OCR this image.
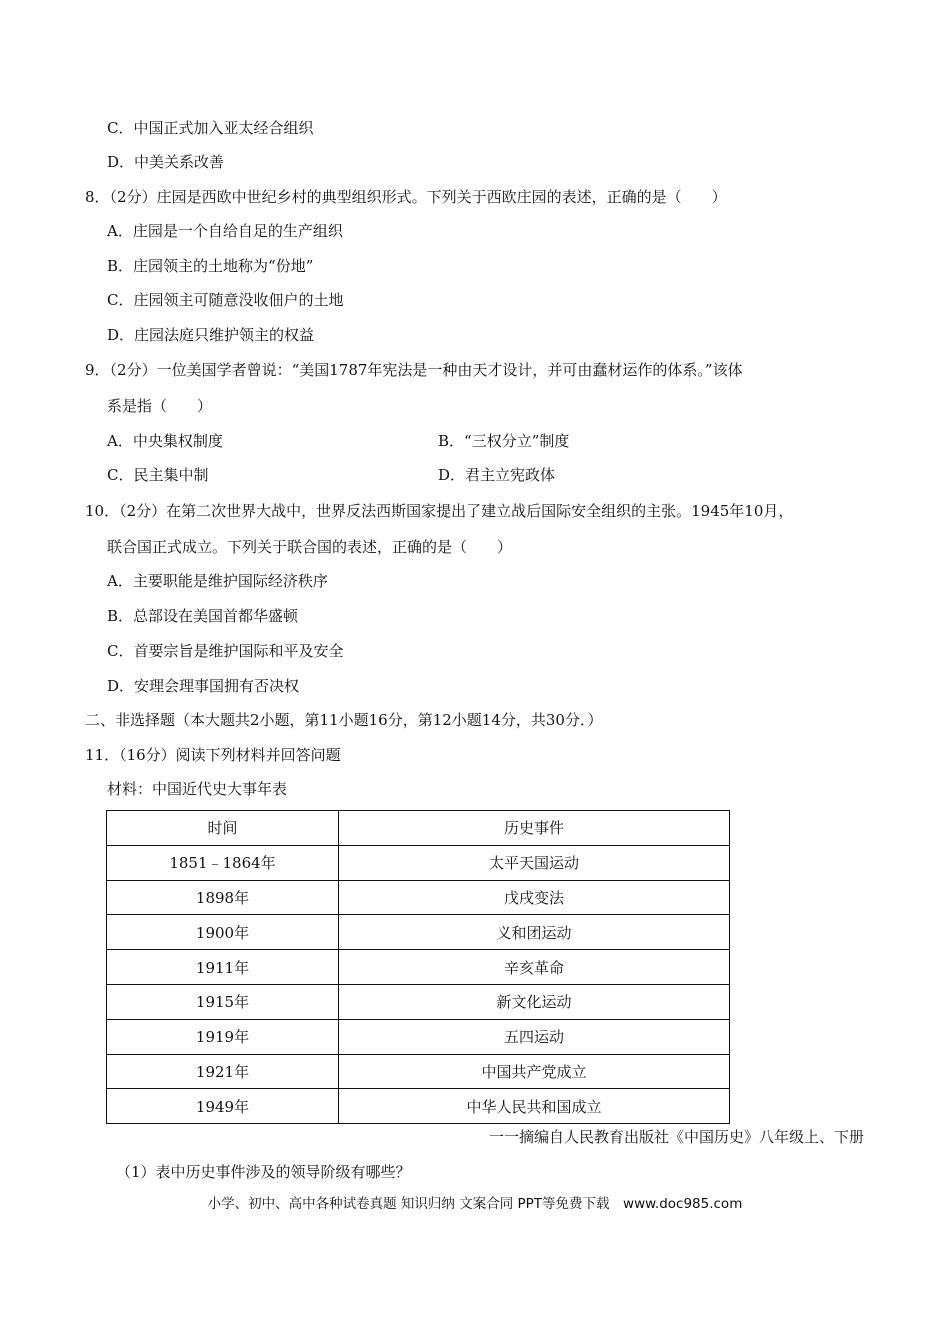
C．中国正式加入亚太经合组织
D．中美关系改善
8．（2分）庄园是西欧中世纪乡村的典型组织形式。下列关于西欧庄园的表述，正确的是（　　）
A．庄园是一个自给自足的生产组织
B．庄园领主的土地称为“份地”
C．庄园领主可随意没收佃户的土地
D．庄园法庭只维护领主的权益
9．（2分）一位美国学者曾说：“美国1787年宪法是一种由天才设计，并可由蠢材运作的体系。”该体
系是指（　　）
A．中央集权制度	B．“三权分立”制度
C．民主集中制	D．君主立宪政体
10．（2分）在第二次世界大战中，世界反法西斯国家提出了建立战后国际安全组织的主张。1945年10月，
联合国正式成立。下列关于联合国的表述，正确的是（　　）
A．主要职能是维护国际经济秩序
B．总部设在美国首都华盛顿
C．首要宗旨是维护国际和平及安全
D．安理会理事国拥有否决权
二、非选择题（本大题共2小题，第11小题16分，第12小题14分，共30分．）
11．（16分）阅读下列材料并回答问题
材料：中国近代史大事年表
时间	历史事件
1851﹣1864年	太平天国运动
1898年	戊戌变法
1900年	义和团运动
1911年	辛亥革命
1915年	新文化运动
1919年	五四运动
1921年	中国共产党成立
1949年	中华人民共和国成立
一一摘编自人民教育出版社《中国历史》八年级上、下册
（1）表中历史事件涉及的领导阶级有哪些？
小学、初中、高中各种试卷真题 知识归纳 文案合同 PPT等免费下载　www.doc985.com
